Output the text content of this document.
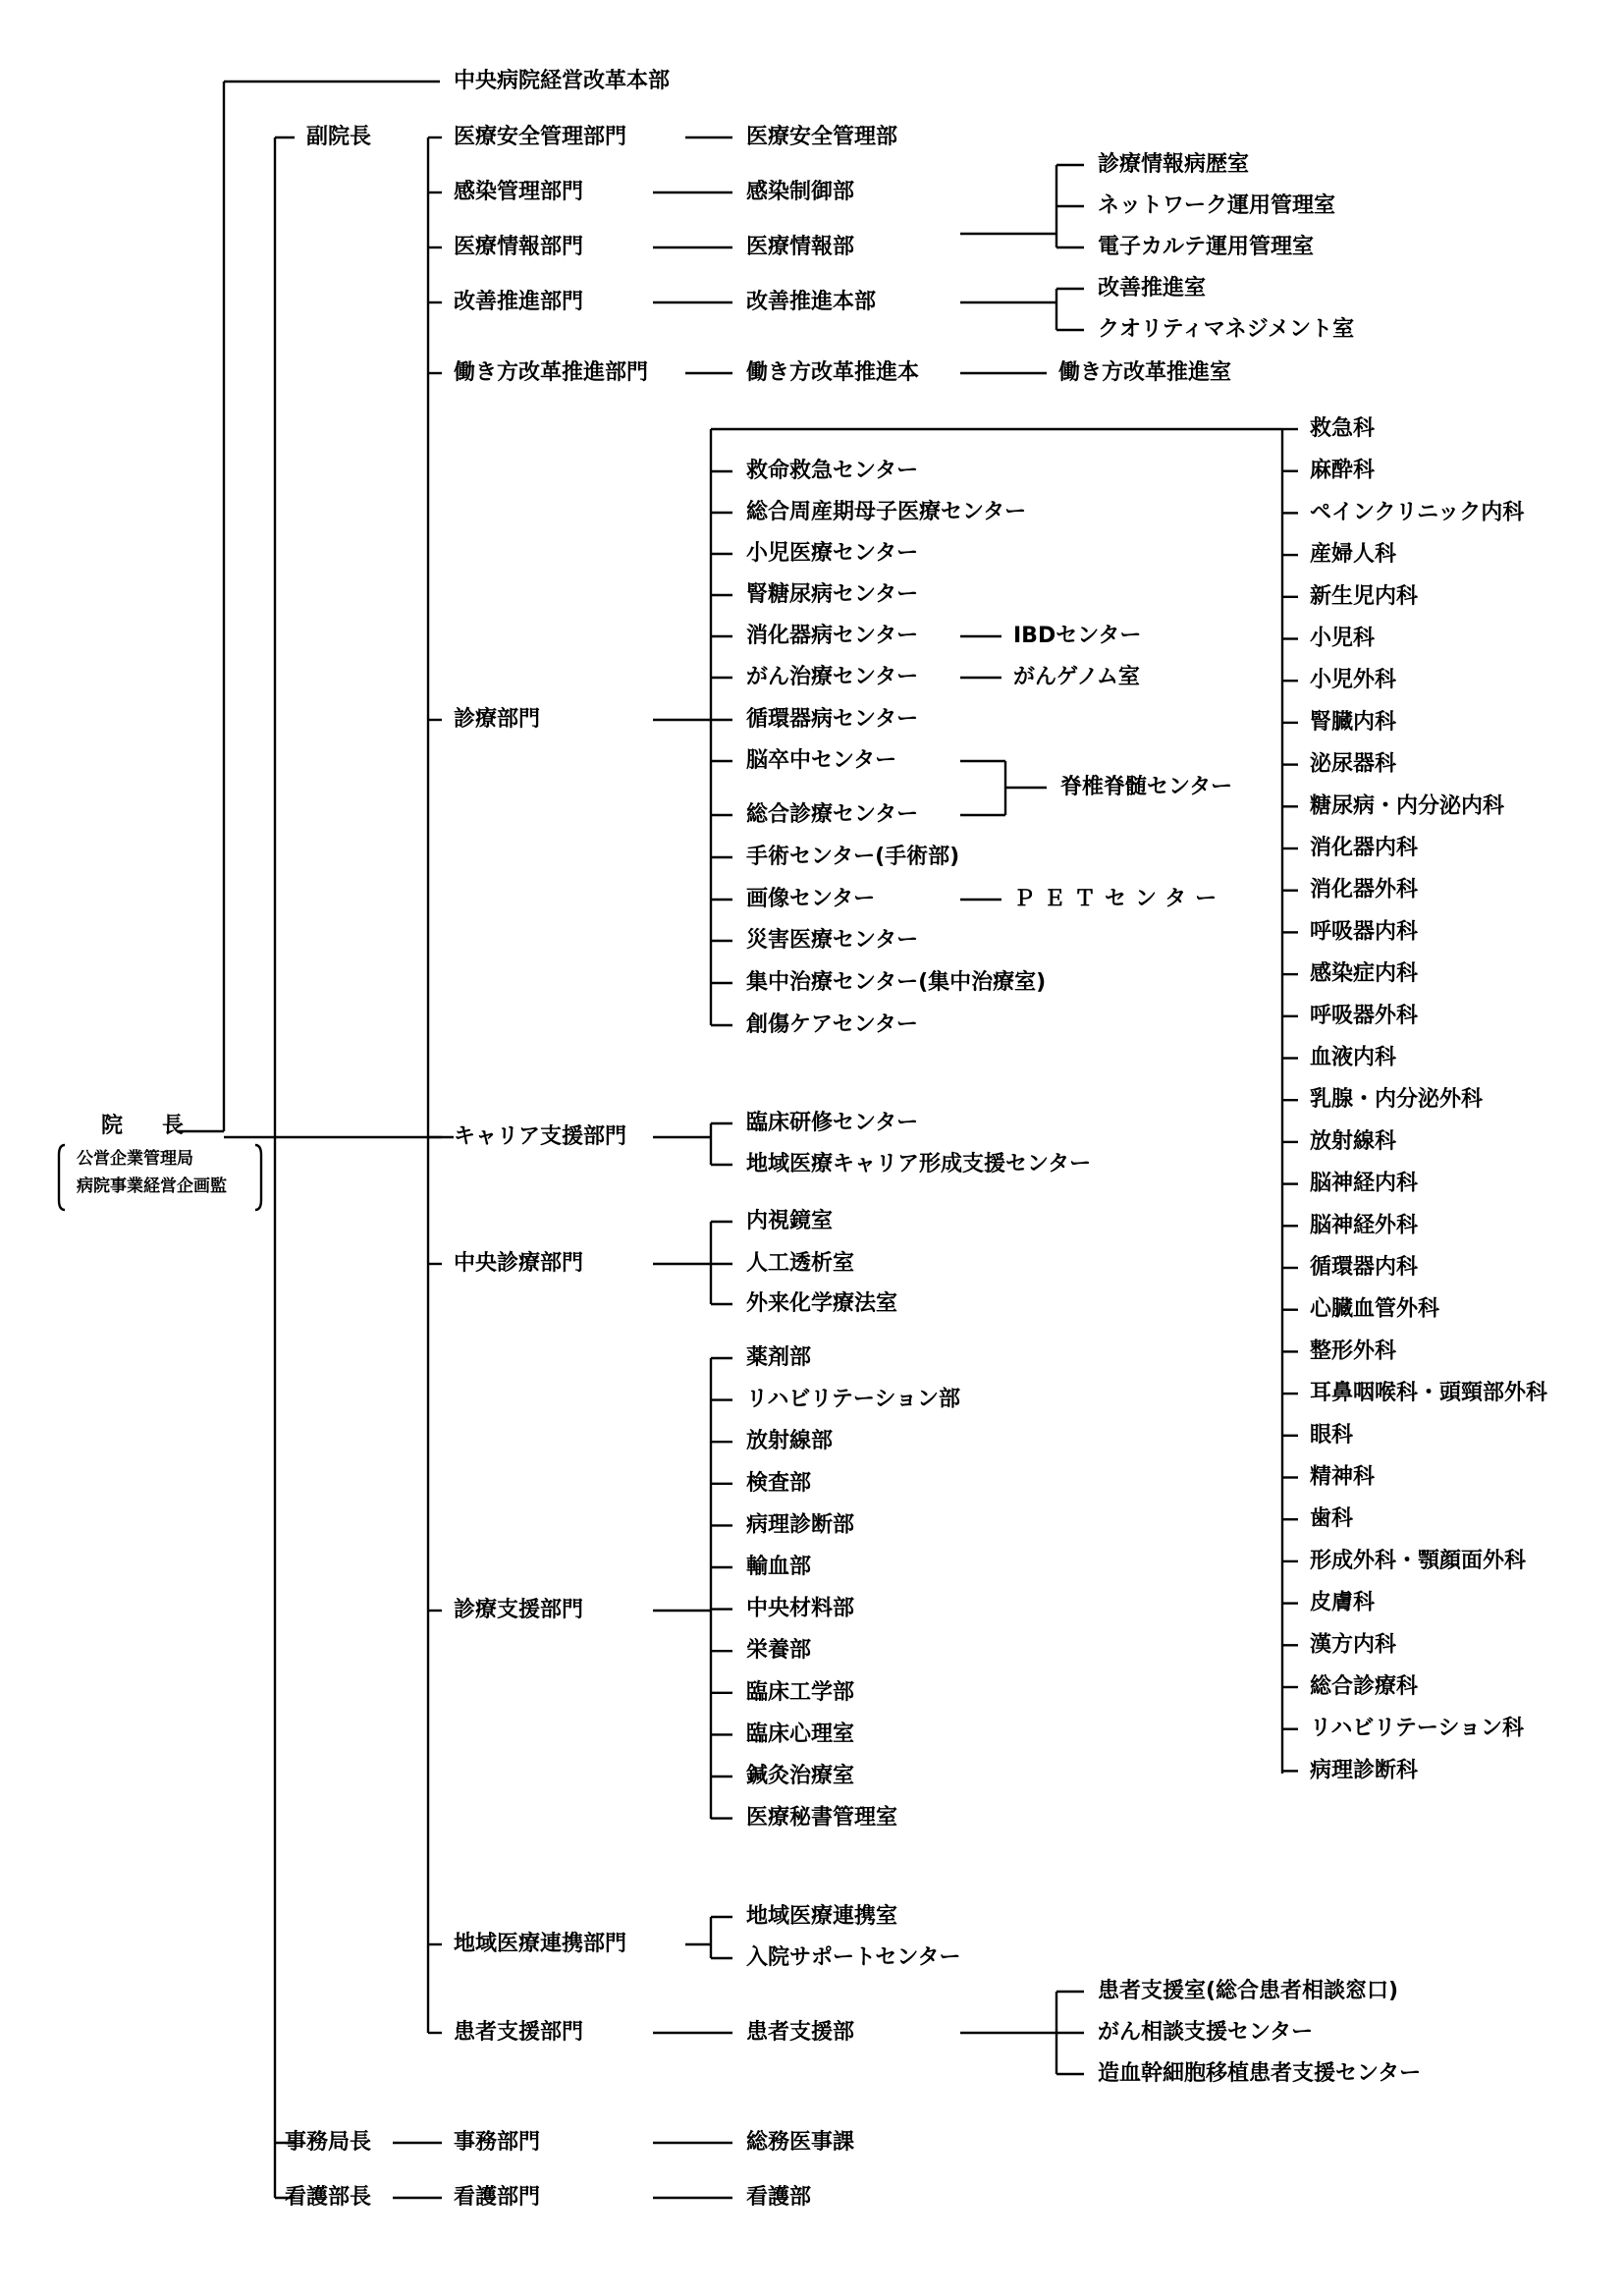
院　長
公営企業管理局
病院事業経営企画監
中央病院経営改革本部
副院長	医療安全管理部門	医療安全管理部
感染管理部門	感染制御部
医療情報部門	医療情報部
改善推進部門	改善推進本部
働き方改革推進部門	働き方改革推進本
診療情報病歴室
ネットワーク運用管理室
電子カルテ運用管理室
改善推進室
クオリティマネジメント室
働き方改革推進室
診療部門
救命救急センター
総合周産期母子医療センター
小児医療センター
腎糖尿病センター
消化器病センター
がん治療センター
循環器病センター
脳卒中センター
総合診療センター
手術センター(手術部)
画像センター
災害医療センター
集中治療センター(集中治療室)
創傷ケアセンター
IBDセンター
がんゲノム室
ＰＥＴセンター
脊椎脊髄センター
救急科
麻酔科
ペインクリニック内科
産婦人科
新生児内科
小児科
小児外科
腎臓内科
泌尿器科
糖尿病・内分泌内科
消化器内科
消化器外科
呼吸器内科
感染症内科
呼吸器外科
血液内科
乳腺・内分泌外科
放射線科
脳神経内科
脳神経外科
循環器内科
心臓血管外科
整形外科
耳鼻咽喉科・頭頸部外科
眼科
精神科
歯科
形成外科・顎顔面外科
皮膚科
漢方内科
総合診療科
リハビリテーション科
病理診断科
キャリア支援部門
臨床研修センター
地域医療キャリア形成支援センター
中央診療部門
内視鏡室
人工透析室
外来化学療法室
診療支援部門
薬剤部
リハビリテーション部
放射線部
検査部
病理診断部
輸血部
中央材料部
栄養部
臨床工学部
臨床心理室
鍼灸治療室
医療秘書管理室
地域医療連携部門
地域医療連携室
入院サポートセンター
患者支援部門	患者支援部
患者支援室(総合患者相談窓口)
がん相談支援センター
造血幹細胞移植患者支援センター
事務局長	事務部門	総務医事課
看護部長	看護部門	看護部
